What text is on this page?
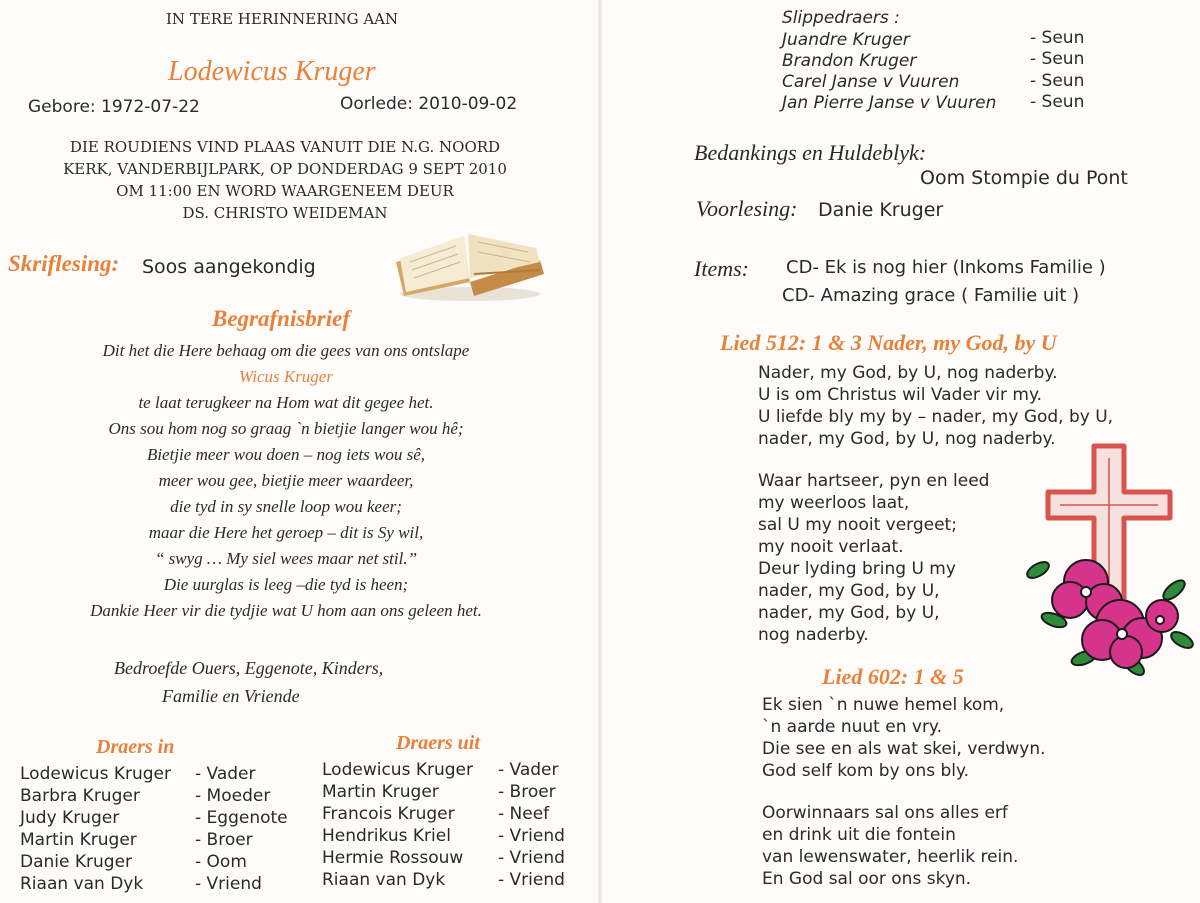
IN TERE HERINNERING AAN
Lodewicus Kruger
Gebore: 1972-07-22	Oorlede: 2010-09-02
DIE ROUDIENS VIND PLAAS VANUIT DIE N.G. NOORD
KERK, VANDERBIJLPARK, OP DONDERDAG 9 SEPT 2010
OM 11:00 EN WORD WAARGENEEM DEUR
DS. CHRISTO WEIDEMAN
Skriflesing: Soos aangekondig
Begrafnisbrief
Dit het die Here behaag om die gees van ons ontslape
Wicus Kruger
te laat terugkeer na Hom wat dit gegee het.
Ons sou hom nog so graag `n bietjie langer wou hê;
Bietjie meer wou doen – nog iets wou sê,
meer wou gee, bietjie meer waardeer,
die tyd in sy snelle loop wou keer;
maar die Here het geroep – dit is Sy wil,
“ swyg … My siel wees maar net stil.”
Die uurglas is leeg –die tyd is heen;
Dankie Heer vir die tydjie wat U hom aan ons geleen het.
Bedroefde Ouers, Eggenote, Kinders,
Familie en Vriende
Draers in
Lodewicus Kruger - Vader
Barbra Kruger	- Moeder
Judy Kruger	- Eggenote
Martin Kruger	- Broer
Danie Kruger	- Oom
Riaan van Dyk	- Vriend
Draers uit
Lodewicus Kruger - Vader
Martin Kruger	- Broer
Francois Kruger	- Neef
Hendrikus Kriel	- Vriend
Hermie Rossouw - Vriend
Riaan van Dyk	- Vriend
Slippedraers :
Juandre Kruger	- Seun
Brandon Kruger	- Seun
Carel Janse v Vuuren	- Seun
Jan Pierre Janse v Vuuren - Seun
Bedankings en Huldeblyk:
Oom Stompie du Pont
Voorlesing: Danie Kruger
Items: CD- Ek is nog hier (Inkoms Familie )
CD- Amazing grace ( Familie uit )
Lied 512: 1 & 3 Nader, my God, by U
Nader, my God, by U, nog naderby.
U is om Christus wil Vader vir my.
U liefde bly my by – nader, my God, by U,
nader, my God, by U, nog naderby.
Waar hartseer, pyn en leed
my weerloos laat,
sal U my nooit vergeet;
my nooit verlaat.
Deur lyding bring U my
nader, my God, by U,
nader, my God, by U,
nog naderby.
Lied 602: 1 & 5
Ek sien `n nuwe hemel kom,
`n aarde nuut en vry.
Die see en als wat skei, verdwyn.
God self kom by ons bly.
Oorwinnaars sal ons alles erf
en drink uit die fontein
van lewenswater, heerlik rein.
En God sal oor ons skyn.
